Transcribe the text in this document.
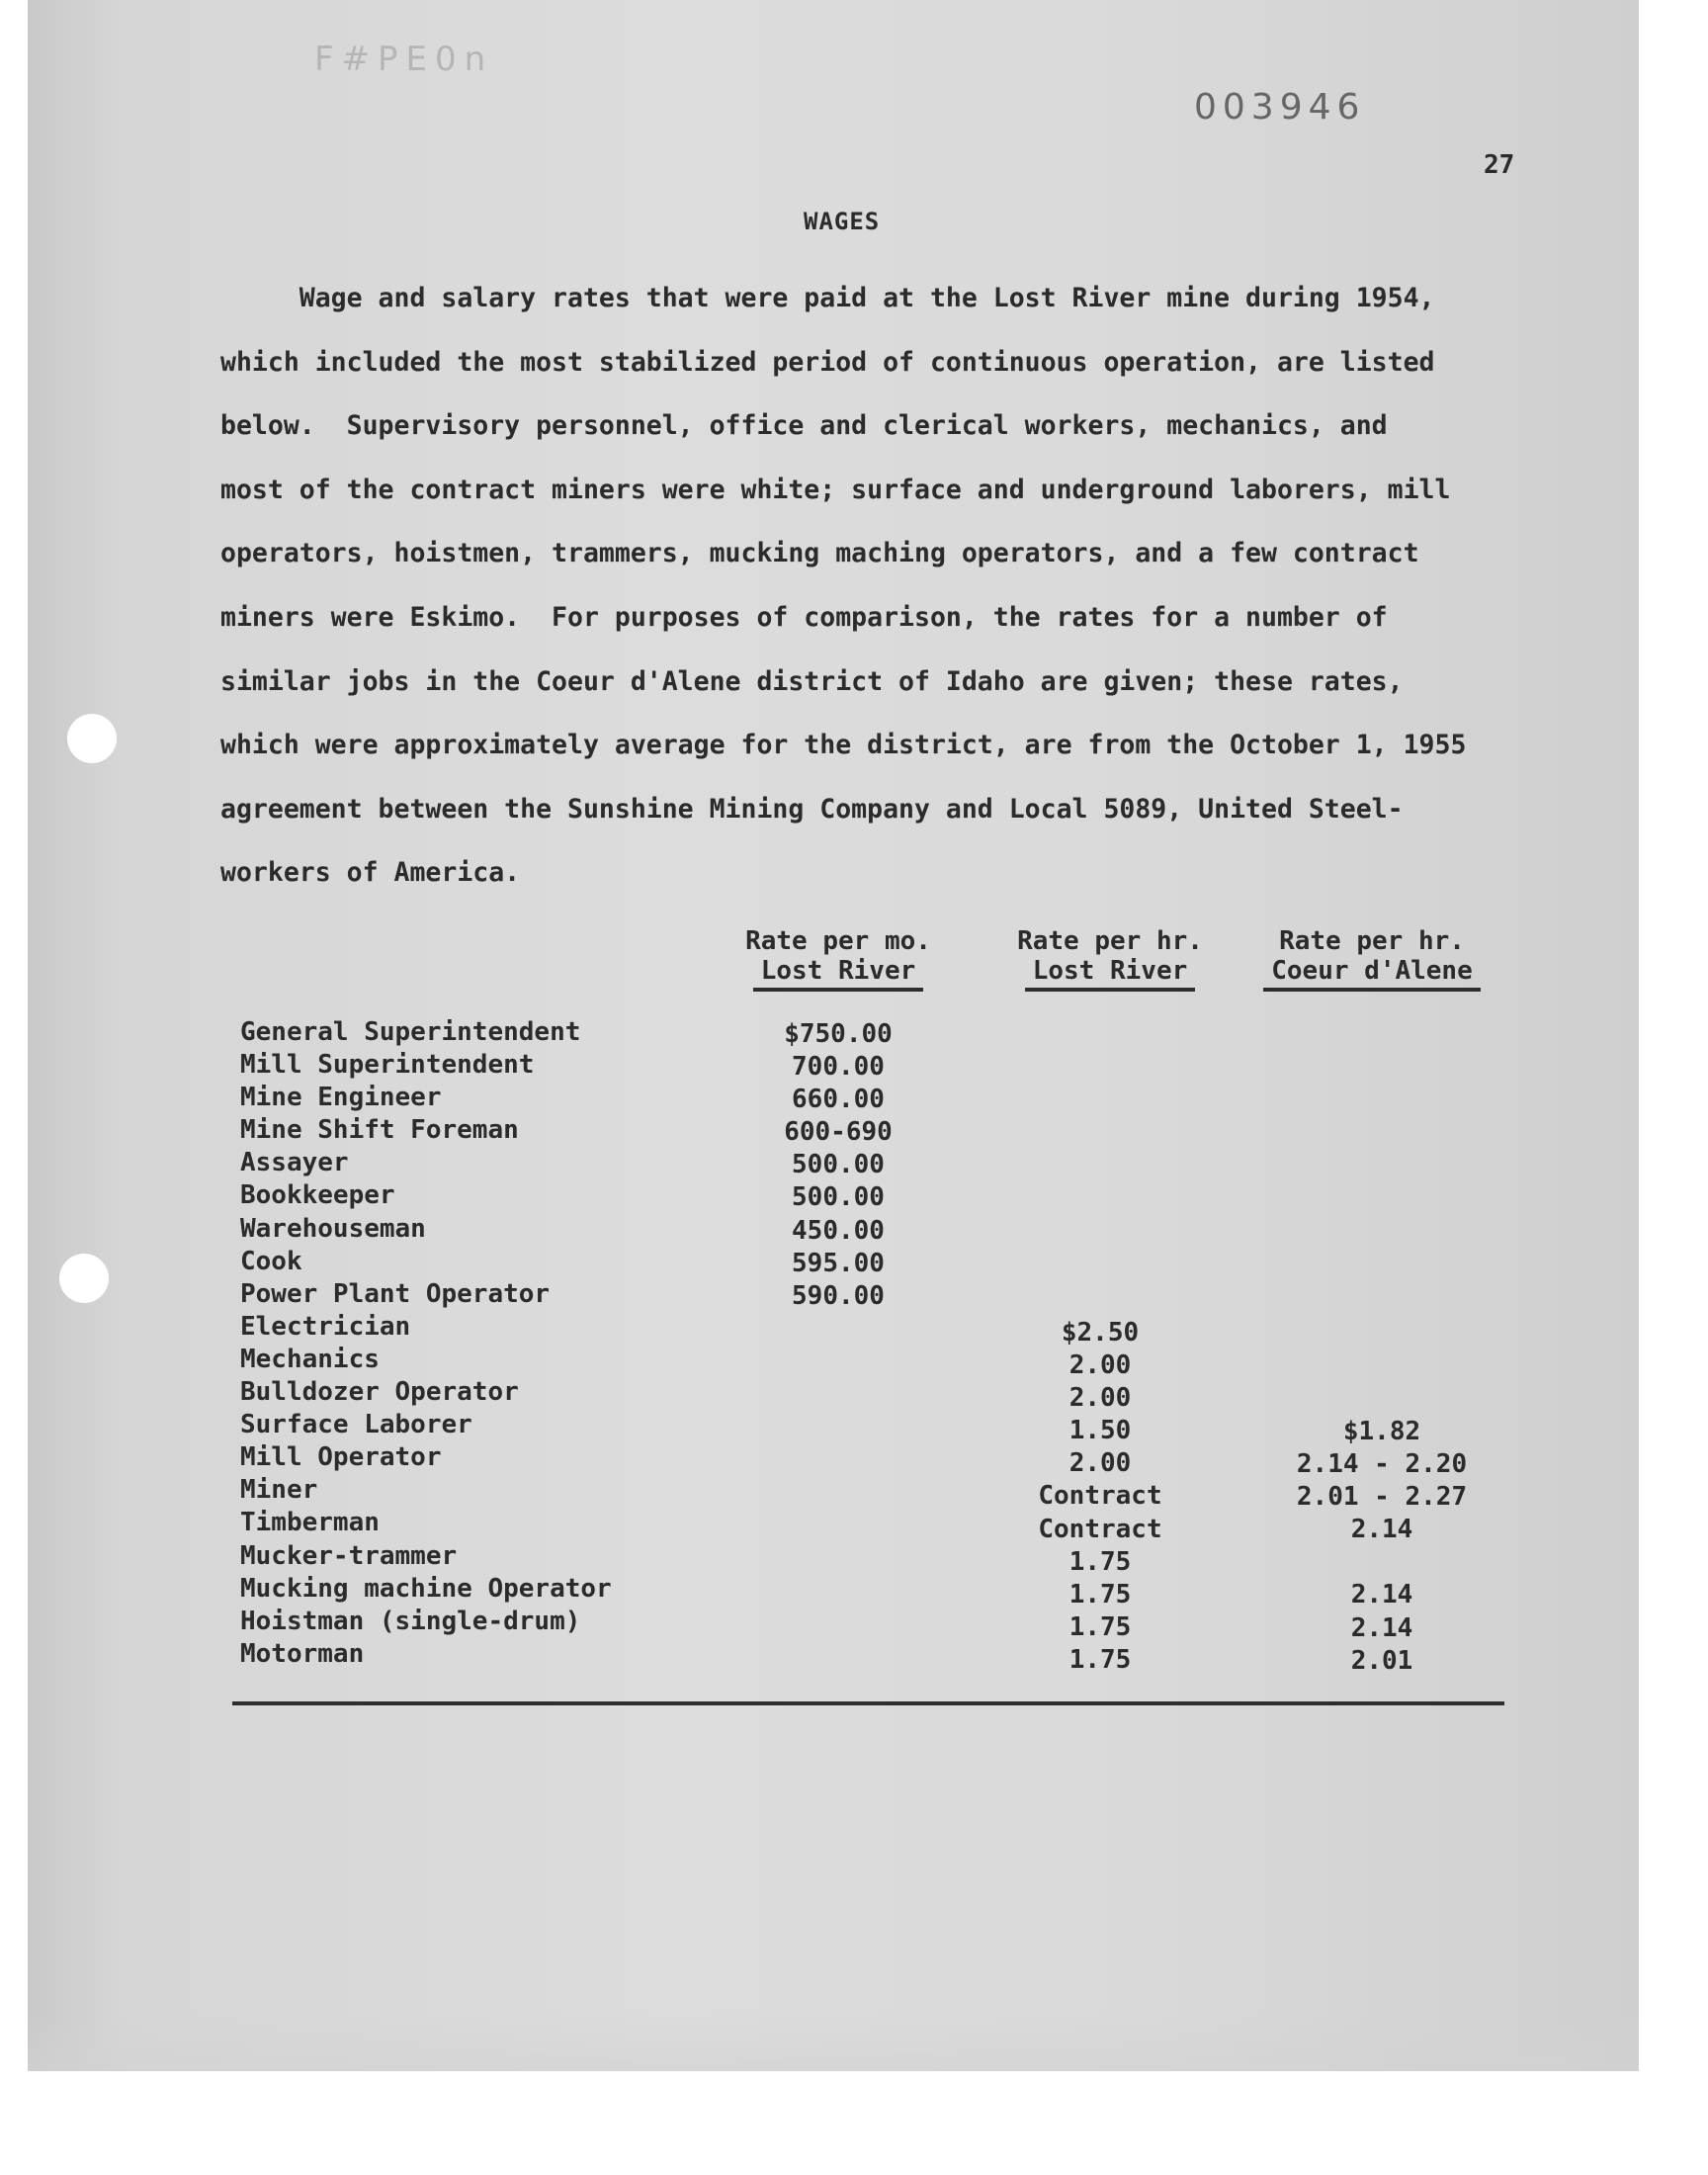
F#PE0n
003946
27
WAGES

Wage and salary rates that were paid at the Lost River mine during 1954,
which included the most stabilized period of continuous operation, are listed
below.  Supervisory personnel, office and clerical workers, mechanics, and
most of the contract miners were white; surface and underground laborers, mill
operators, hoistmen, trammers, mucking maching operators, and a few contract
miners were Eskimo.  For purposes of comparison, the rates for a number of
similar jobs in the Coeur d'Alene district of Idaho are given; these rates,
which were approximately average for the district, are from the October 1, 1955
agreement between the Sunshine Mining Company and Local 5089, United Steel-
workers of America.

Rate per mo.
Lost River
Rate per hr.
Lost River
Rate per hr.
Coeur d'Alene
General Superintendent
Mill Superintendent
Mine Engineer
Mine Shift Foreman
Assayer
Bookkeeper
Warehouseman
Cook
Power Plant Operator
Electrician
Mechanics
Bulldozer Operator
Surface Laborer
Mill Operator
Miner
Timberman
Mucker-trammer
Mucking machine Operator
Hoistman (single-drum)
Motorman
$750.00
700.00
660.00
600-690
500.00
500.00
450.00
595.00
590.00
$2.50
2.00
2.00
1.50
2.00
Contract
Contract
1.75
1.75
1.75
1.75
$1.82
2.14 - 2.20
2.01 - 2.27
2.14
2.14
2.14
2.01
